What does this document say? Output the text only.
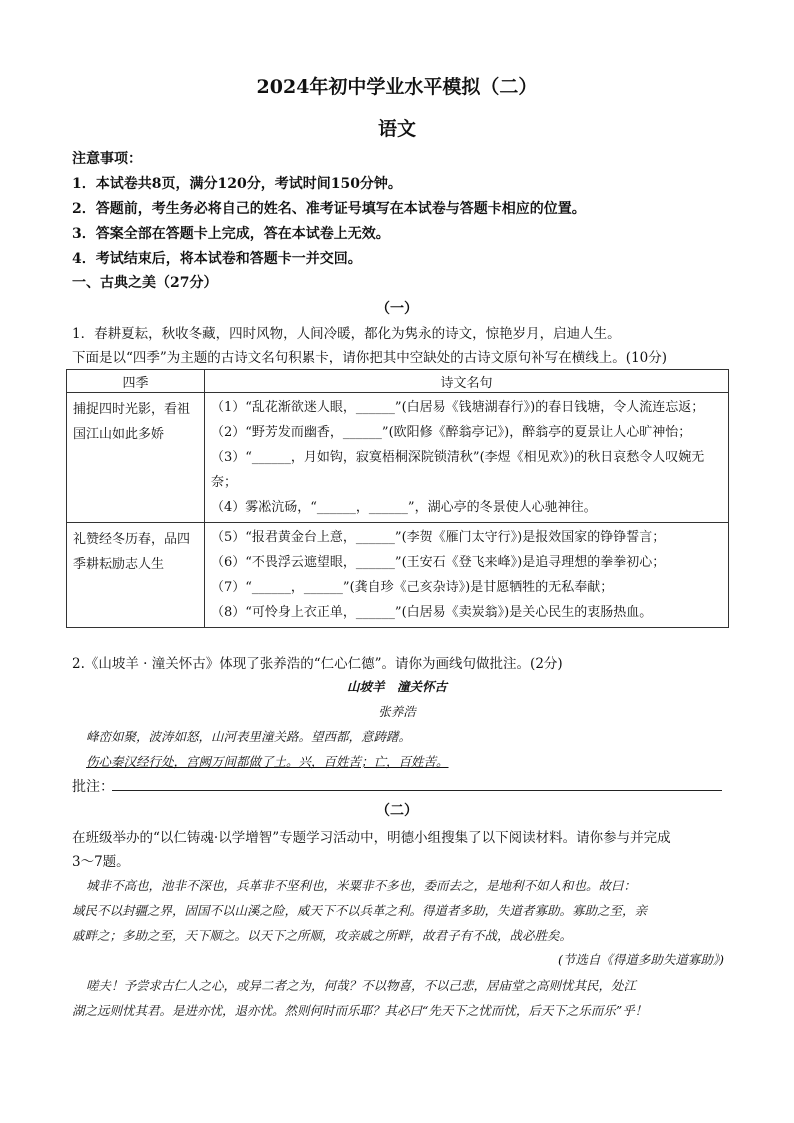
2024年初中学业水平模拟（二）
语文
注意事项：
1．本试卷共8页，满分120分，考试时间150分钟。
2．答题前，考生务必将自己的姓名、准考证号填写在本试卷与答题卡相应的位置。
3．答案全部在答题卡上完成，答在本试卷上无效。
4．考试结束后，将本试卷和答题卡一并交回。
一、古典之美（27分）
（一）
1．春耕夏耘，秋收冬藏，四时风物，人间冷暖，都化为隽永的诗文，惊艳岁月，启迪人生。
下面是以“四季”为主题的古诗文名句积累卡，请你把其中空缺处的古诗文原句补写在横线上。(10分)
四季	诗文名句
捕捉四时光影，看祖国江山如此多娇	（1）“乱花渐欲迷人眼，______”(白居易《钱塘湖春行》)的春日钱塘，令人流连忘返；
（2）“野芳发而幽香，______”(欧阳修《醉翁亭记》)，醉翁亭的夏景让人心旷神怡；
（3）“______，月如钩，寂寞梧桐深院锁清秋”(李煜《相见欢》)的秋日哀愁令人叹婉无奈；
（4）雾凇沆砀，“______，______”，湖心亭的冬景使人心驰神往。

礼赞经冬历春，品四季耕耘励志人生	（5）“报君黄金台上意，______”(李贺《雁门太守行》)是报效国家的铮铮誓言；
（6）“不畏浮云遮望眼，______”(王安石《登飞来峰》)是追寻理想的拳拳初心；
（7）“______，______”(龚自珍《己亥杂诗》)是甘愿牺牲的无私奉献；
（8）“可怜身上衣正单，______”(白居易《卖炭翁》)是关心民生的衷肠热血。
2.《山坡羊 · 潼关怀古》体现了张养浩的“仁心仁德”。请你为画线句做批注。(2分)
山坡羊　潼关怀古
张养浩
峰峦如聚，波涛如怒，山河表里潼关路。望西都，意踌躇。
伤心秦汉经行处，宫阙万间都做了土。兴，百姓苦；亡，百姓苦。
批注：
（二）
在班级举办的“以仁铸魂·以学增智”专题学习活动中，明德小组搜集了以下阅读材料。请你参与并完成
3～7题。
城非不高也，池非不深也，兵革非不坚利也，米粟非不多也，委而去之，是地利不如人和也。故曰：
域民不以封疆之界，固国不以山溪之险，威天下不以兵革之利。得道者多助，失道者寡助。寡助之至，亲
戚畔之；多助之至，天下顺之。以天下之所顺，攻亲戚之所畔，故君子有不战，战必胜矣。
(节选自《得道多助失道寡助》)
嗟夫！予尝求古仁人之心，或异二者之为，何哉？不以物喜，不以己悲，居庙堂之高则忧其民，处江
湖之远则忧其君。是进亦忧，退亦忧。然则何时而乐耶？其必曰“先天下之忧而忧，后天下之乐而乐”乎！
